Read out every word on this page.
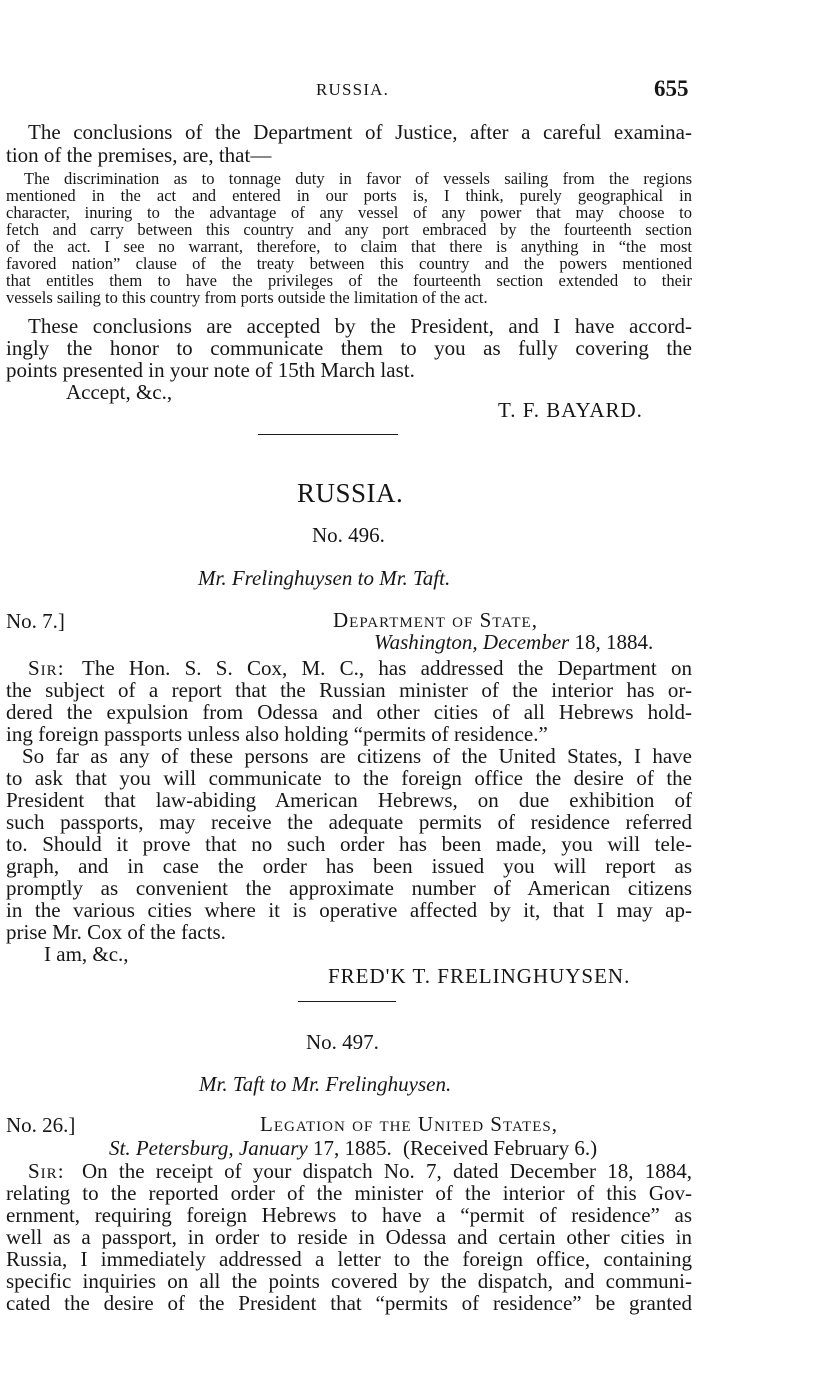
RUSSIA.	655
The conclusions of the Department of Justice, after a careful examina-
tion of the premises, are, that—
The discrimination as to tonnage duty in favor of vessels sailing from the regions
mentioned in the act and entered in our ports is, I think, purely geographical in
character, inuring to the advantage of any vessel of any power that may choose to
fetch and carry between this country and any port embraced by the fourteenth section
of the act. I see no warrant, therefore, to claim that there is anything in “the most
favored nation” clause of the treaty between this country and the powers mentioned
that entitles them to have the privileges of the fourteenth section extended to their
vessels sailing to this country from ports outside the limitation of the act.
These conclusions are accepted by the President, and I have accord-
ingly the honor to communicate them to you as fully covering the
points presented in your note of 15th March last.
Accept, &c.,
T. F. BAYARD.
RUSSIA.
No. 496.
Mr. Frelinghuysen to Mr. Taft.
No. 7.]	Department of State,
Washington, December 18, 1884.
Sir: The Hon. S. S. Cox, M. C., has addressed the Department on
the subject of a report that the Russian minister of the interior has or-
dered the expulsion from Odessa and other cities of all Hebrews hold-
ing foreign passports unless also holding “permits of residence.”
So far as any of these persons are citizens of the United States, I have
to ask that you will communicate to the foreign office the desire of the
President that law-abiding American Hebrews, on due exhibition of
such passports, may receive the adequate permits of residence referred
to. Should it prove that no such order has been made, you will tele-
graph, and in case the order has been issued you will report as
promptly as convenient the approximate number of American citizens
in the various cities where it is operative affected by it, that I may ap-
prise Mr. Cox of the facts.
I am, &c.,
FRED'K T. FRELINGHUYSEN.
No. 497.
Mr. Taft to Mr. Frelinghuysen.
No. 26.]	Legation of the United States,
St. Petersburg, January 17, 1885. (Received February 6.)
Sir: On the receipt of your dispatch No. 7, dated December 18, 1884,
relating to the reported order of the minister of the interior of this Gov-
ernment, requiring foreign Hebrews to have a “permit of residence” as
well as a passport, in order to reside in Odessa and certain other cities in
Russia, I immediately addressed a letter to the foreign office, containing
specific inquiries on all the points covered by the dispatch, and communi-
cated the desire of the President that “permits of residence” be granted
